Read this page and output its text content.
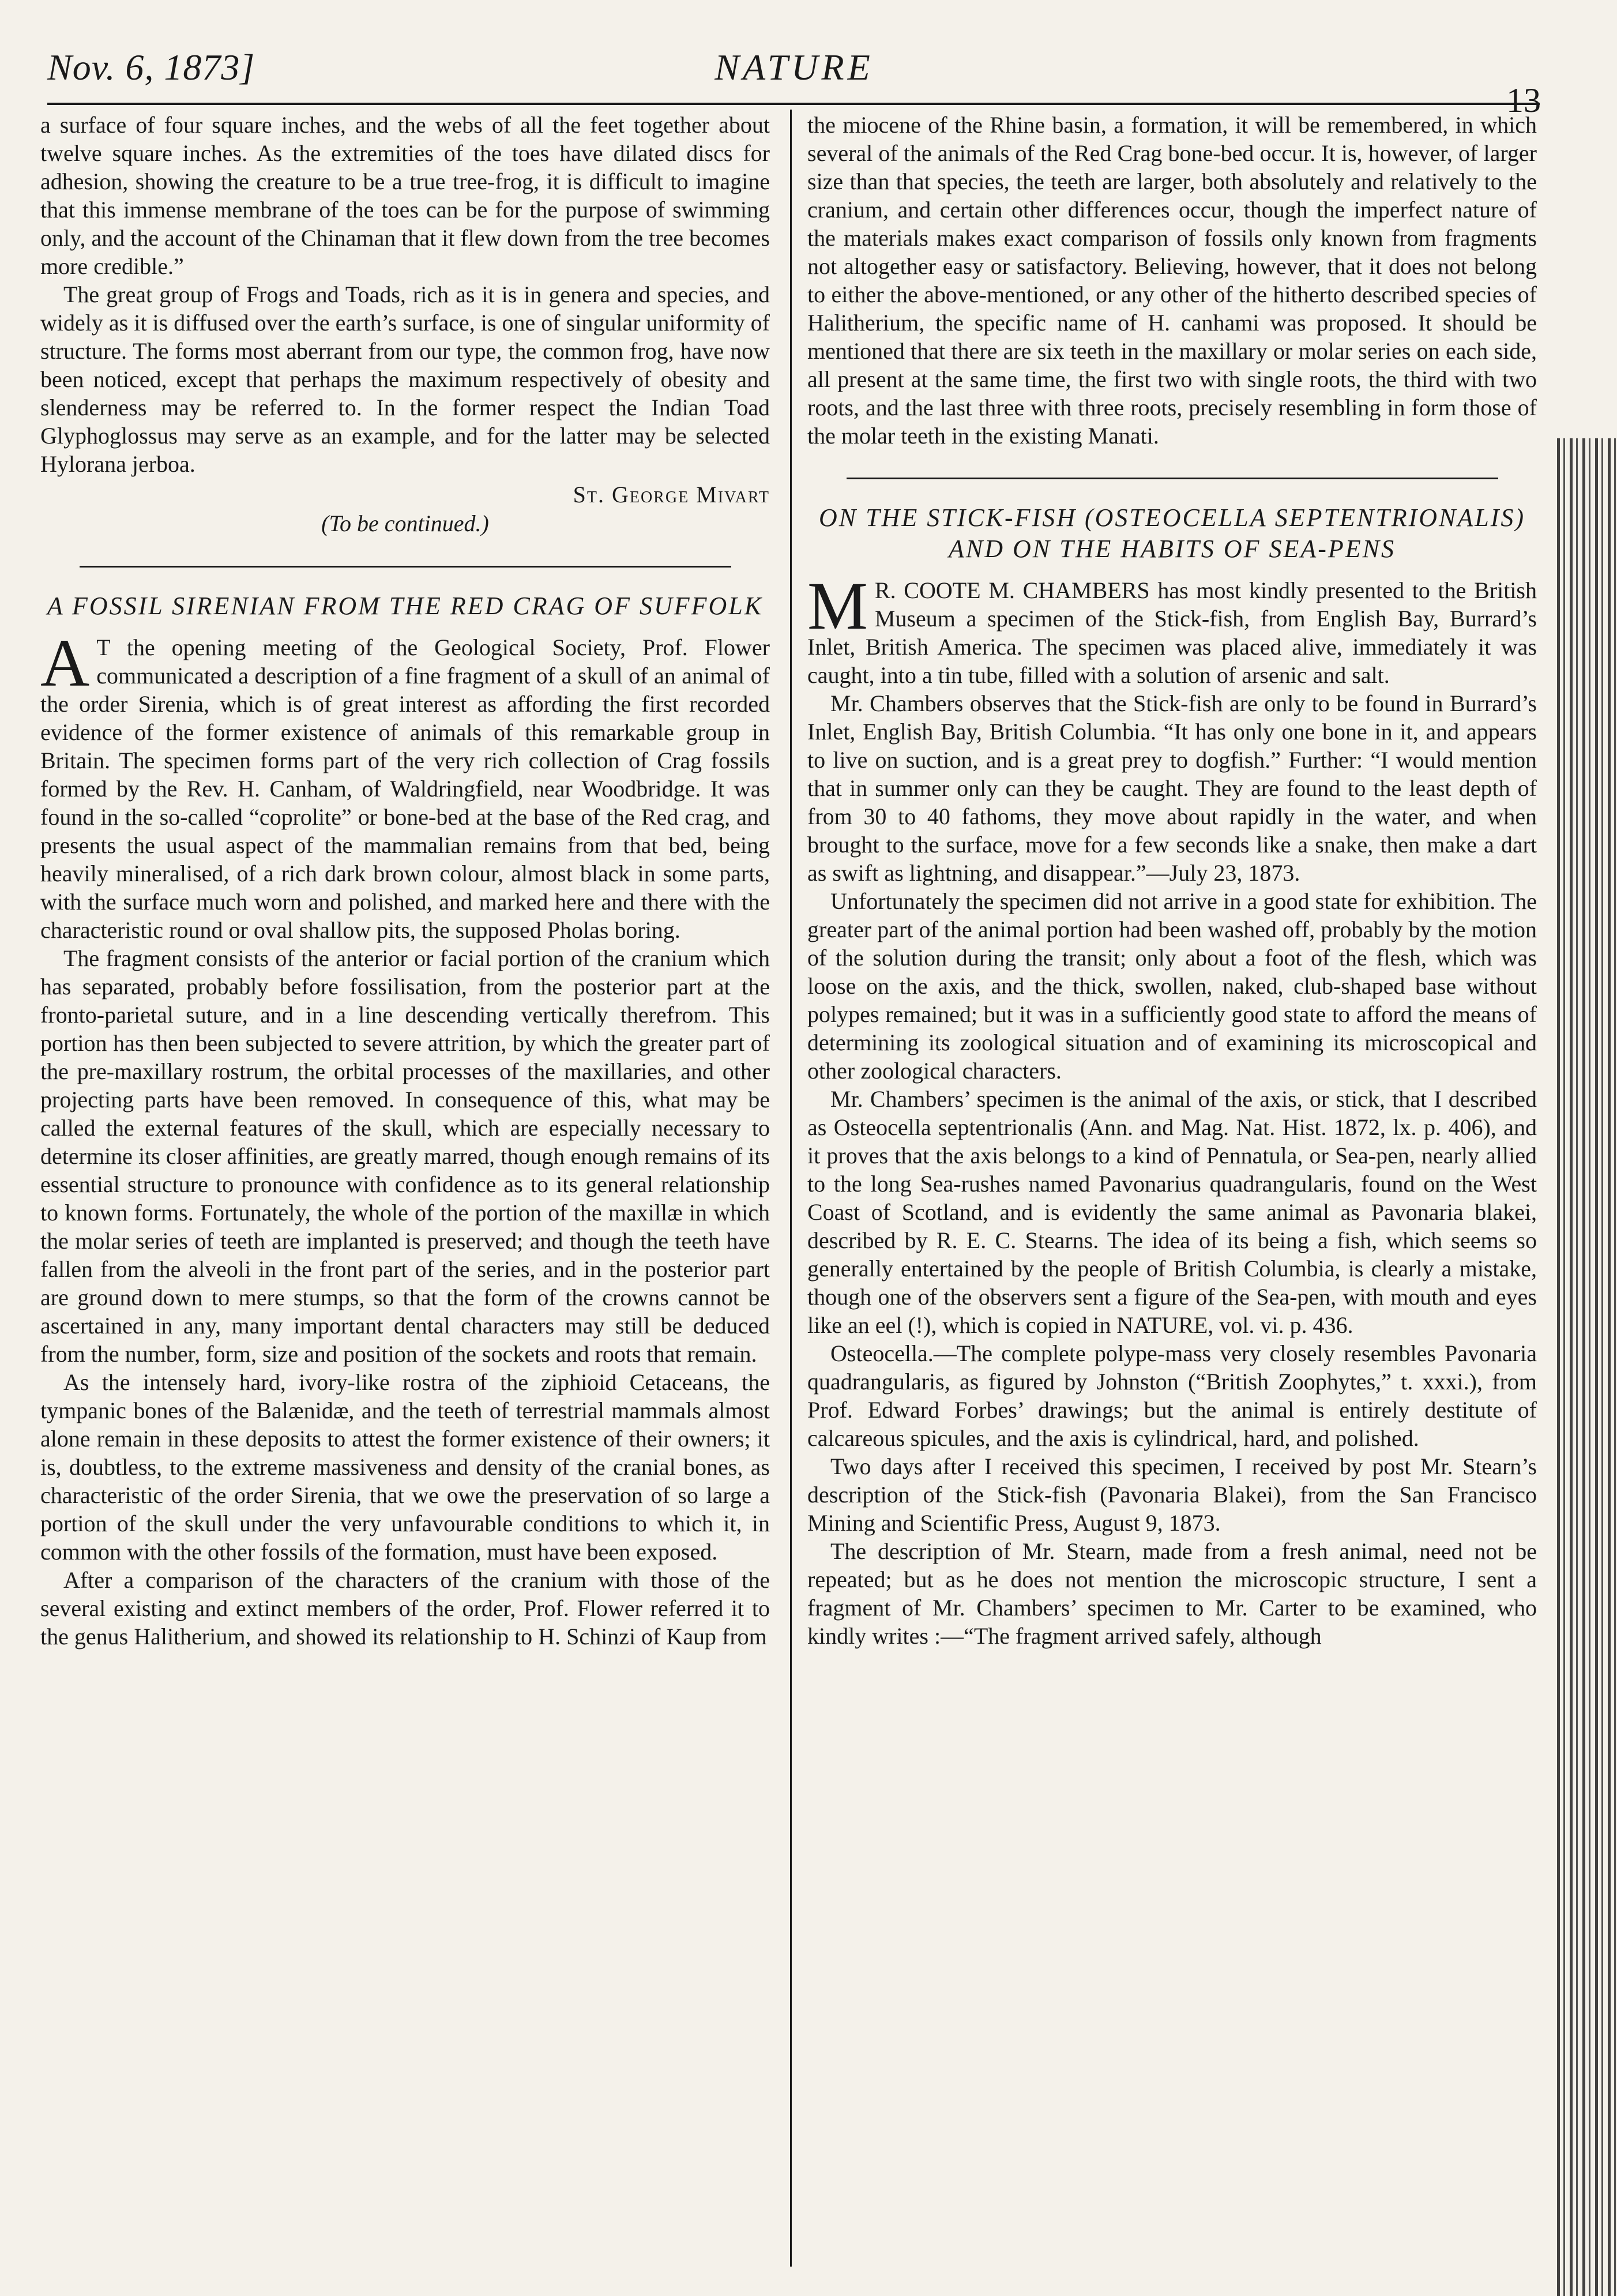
Nov. 6, 1873]	NATURE
13

a surface of four square inches, and the webs of all the feet together about twelve square inches. As the extremities of the toes have dilated discs for adhesion, showing the creature to be a true tree-frog, it is difficult to imagine that this immense membrane of the toes can be for the purpose of swimming only, and the account of the Chinaman that it flew down from the tree becomes more credible.”

The great group of Frogs and Toads, rich as it is in genera and species, and widely as it is diffused over the earth’s surface, is one of singular uniformity of structure. The forms most aberrant from our type, the common frog, have now been noticed, except that perhaps the maximum respectively of obesity and slenderness may be referred to. In the former respect the Indian Toad Glyphoglossus may serve as an example, and for the latter may be selected Hylorana jerboa.

St. George Mivart
(To be continued.)
A FOSSIL SIRENIAN FROM THE RED CRAG OF SUFFOLK

A T the opening meeting of the Geological Society, Prof. Flower communicated a description of a fine fragment of a skull of an animal of the order Sirenia, which is of great interest as affording the first recorded evidence of the former existence of animals of this remarkable group in Britain. The specimen forms part of the very rich collection of Crag fossils formed by the Rev. H. Canham, of Waldringfield, near Woodbridge. It was found in the so-called “coprolite” or bone-bed at the base of the Red crag, and presents the usual aspect of the mammalian remains from that bed, being heavily mineralised, of a rich dark brown colour, almost black in some parts, with the surface much worn and polished, and marked here and there with the characteristic round or oval shallow pits, the supposed Pholas boring.

The fragment consists of the anterior or facial portion of the cranium which has separated, probably before fossilisation, from the posterior part at the fronto-parietal suture, and in a line descending vertically therefrom. This portion has then been subjected to severe attrition, by which the greater part of the pre-maxillary rostrum, the orbital processes of the maxillaries, and other projecting parts have been removed. In consequence of this, what may be called the external features of the skull, which are especially necessary to determine its closer affinities, are greatly marred, though enough remains of its essential structure to pronounce with confidence as to its general relationship to known forms. Fortunately, the whole of the portion of the maxillæ in which the molar series of teeth are implanted is preserved; and though the teeth have fallen from the alveoli in the front part of the series, and in the posterior part are ground down to mere stumps, so that the form of the crowns cannot be ascertained in any, many important dental characters may still be deduced from the number, form, size and position of the sockets and roots that remain.

As the intensely hard, ivory-like rostra of the ziphioid Cetaceans, the tympanic bones of the Balænidæ, and the teeth of terrestrial mammals almost alone remain in these deposits to attest the former existence of their owners; it is, doubtless, to the extreme massiveness and density of the cranial bones, as characteristic of the order Sirenia, that we owe the preservation of so large a portion of the skull under the very unfavourable conditions to which it, in common with the other fossils of the formation, must have been exposed.

After a comparison of the characters of the cranium with those of the several existing and extinct members of the order, Prof. Flower referred it to the genus Halitherium, and showed its relationship to H. Schinzi of Kaup from

the miocene of the Rhine basin, a formation, it will be remembered, in which several of the animals of the Red Crag bone-bed occur. It is, however, of larger size than that species, the teeth are larger, both absolutely and relatively to the cranium, and certain other differences occur, though the imperfect nature of the materials makes exact comparison of fossils only known from fragments not altogether easy or satisfactory. Believing, however, that it does not belong to either the above-mentioned, or any other of the hitherto described species of Halitherium, the specific name of H. canhami was proposed. It should be mentioned that there are six teeth in the maxillary or molar series on each side, all present at the same time, the first two with single roots, the third with two roots, and the last three with three roots, precisely resembling in form those of the molar teeth in the existing Manati.

ON THE STICK-FISH (OSTEOCELLA SEPTENTRIONALIS)
AND ON THE HABITS OF SEA-PENS

M R. COOTE M. CHAMBERS has most kindly presented to the British Museum a specimen of the Stick-fish, from English Bay, Burrard’s Inlet, British America. The specimen was placed alive, immediately it was caught, into a tin tube, filled with a solution of arsenic and salt.

Mr. Chambers observes that the Stick-fish are only to be found in Burrard’s Inlet, English Bay, British Columbia. “It has only one bone in it, and appears to live on suction, and is a great prey to dogfish.” Further: “I would mention that in summer only can they be caught. They are found to the least depth of from 30 to 40 fathoms, they move about rapidly in the water, and when brought to the surface, move for a few seconds like a snake, then make a dart as swift as lightning, and disappear.”—July 23, 1873.

Unfortunately the specimen did not arrive in a good state for exhibition. The greater part of the animal portion had been washed off, probably by the motion of the solution during the transit; only about a foot of the flesh, which was loose on the axis, and the thick, swollen, naked, club-shaped base without polypes remained; but it was in a sufficiently good state to afford the means of determining its zoological situation and of examining its microscopical and other zoological characters.

Mr. Chambers’ specimen is the animal of the axis, or stick, that I described as Osteocella septentrionalis (Ann. and Mag. Nat. Hist. 1872, lx. p. 406), and it proves that the axis belongs to a kind of Pennatula, or Sea-pen, nearly allied to the long Sea-rushes named Pavonarius quadrangularis, found on the West Coast of Scotland, and is evidently the same animal as Pavonaria blakei, described by R. E. C. Stearns. The idea of its being a fish, which seems so generally entertained by the people of British Columbia, is clearly a mistake, though one of the observers sent a figure of the Sea-pen, with mouth and eyes like an eel (!), which is copied in NATURE, vol. vi. p. 436.

Osteocella.—The complete polype-mass very closely resembles Pavonaria quadrangularis, as figured by Johnston (“British Zoophytes,” t. xxxi.), from Prof. Edward Forbes’ drawings; but the animal is entirely destitute of calcareous spicules, and the axis is cylindrical, hard, and polished.

Two days after I received this specimen, I received by post Mr. Stearn’s description of the Stick-fish (Pavonaria Blakei), from the San Francisco Mining and Scientific Press, August 9, 1873.

The description of Mr. Stearn, made from a fresh animal, need not be repeated; but as he does not mention the microscopic structure, I sent a fragment of Mr. Chambers’ specimen to Mr. Carter to be examined, who kindly writes :—“The fragment arrived safely, although
